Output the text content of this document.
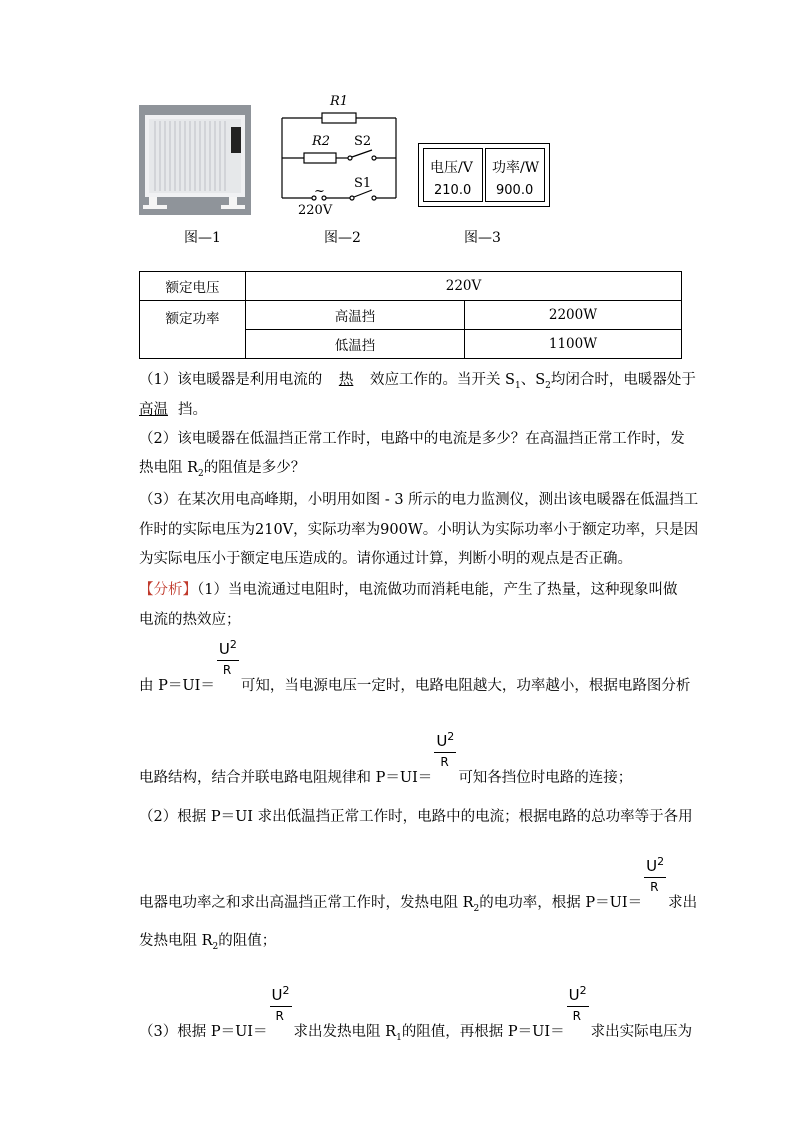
图—1
R1
R2 S2
S1
~
220V
图—2
电压/V
210.0
功率/W
900.0
图—3
额定电压	220V	
额定功率	高温挡	2200W
	低温挡	1100W
（1）该电暖器是利用电流的 热 效应工作的。当开关 $S_1$、$S_2$均闭合时，电暖器处于
高温 挡。
（2）该电暖器在低温挡正常工作时，电路中的电流是多少？在高温挡正常工作时，发
热电阻 $R_2$的阻值是多少？
（3）在某次用电高峰期，小明用如图 - 3 所示的电力监测仪，测出该电暖器在低温挡工
作时的实际电压为210V，实际功率为900W。小明认为实际功率小于额定功率，只是因
为实际电压小于额定电压造成的。请你通过计算，判断小明的观点是否正确。
【分析】（1）当电流通过电阻时，电流做功而消耗电能，产生了热量，这种现象叫做
电流的热效应；
由 $P=UI= \frac{U^2}{R}$ 可知，当电源电压一定时，电路电阻越大，功率越小，根据电路图分析
电路结构，结合并联电路电阻规律和 $P=UI= \frac{U^2}{R}$ 可知各挡位时电路的连接；
（2）根据 P＝UI 求出低温挡正常工作时，电路中的电流；根据电路的总功率等于各用
电器电功率之和求出高温挡正常工作时，发热电阻 $R_2$的电功率，根据 $P=UI= \frac{U^2}{R}$ 求出
发热电阻 $R_2$的阻值；
（3）根据 $P=UI= \frac{U^2}{R}$ 求出发热电阻 $R_1$的阻值，再根据 $P=UI= \frac{U^2}{R}$ 求出实际电压为
